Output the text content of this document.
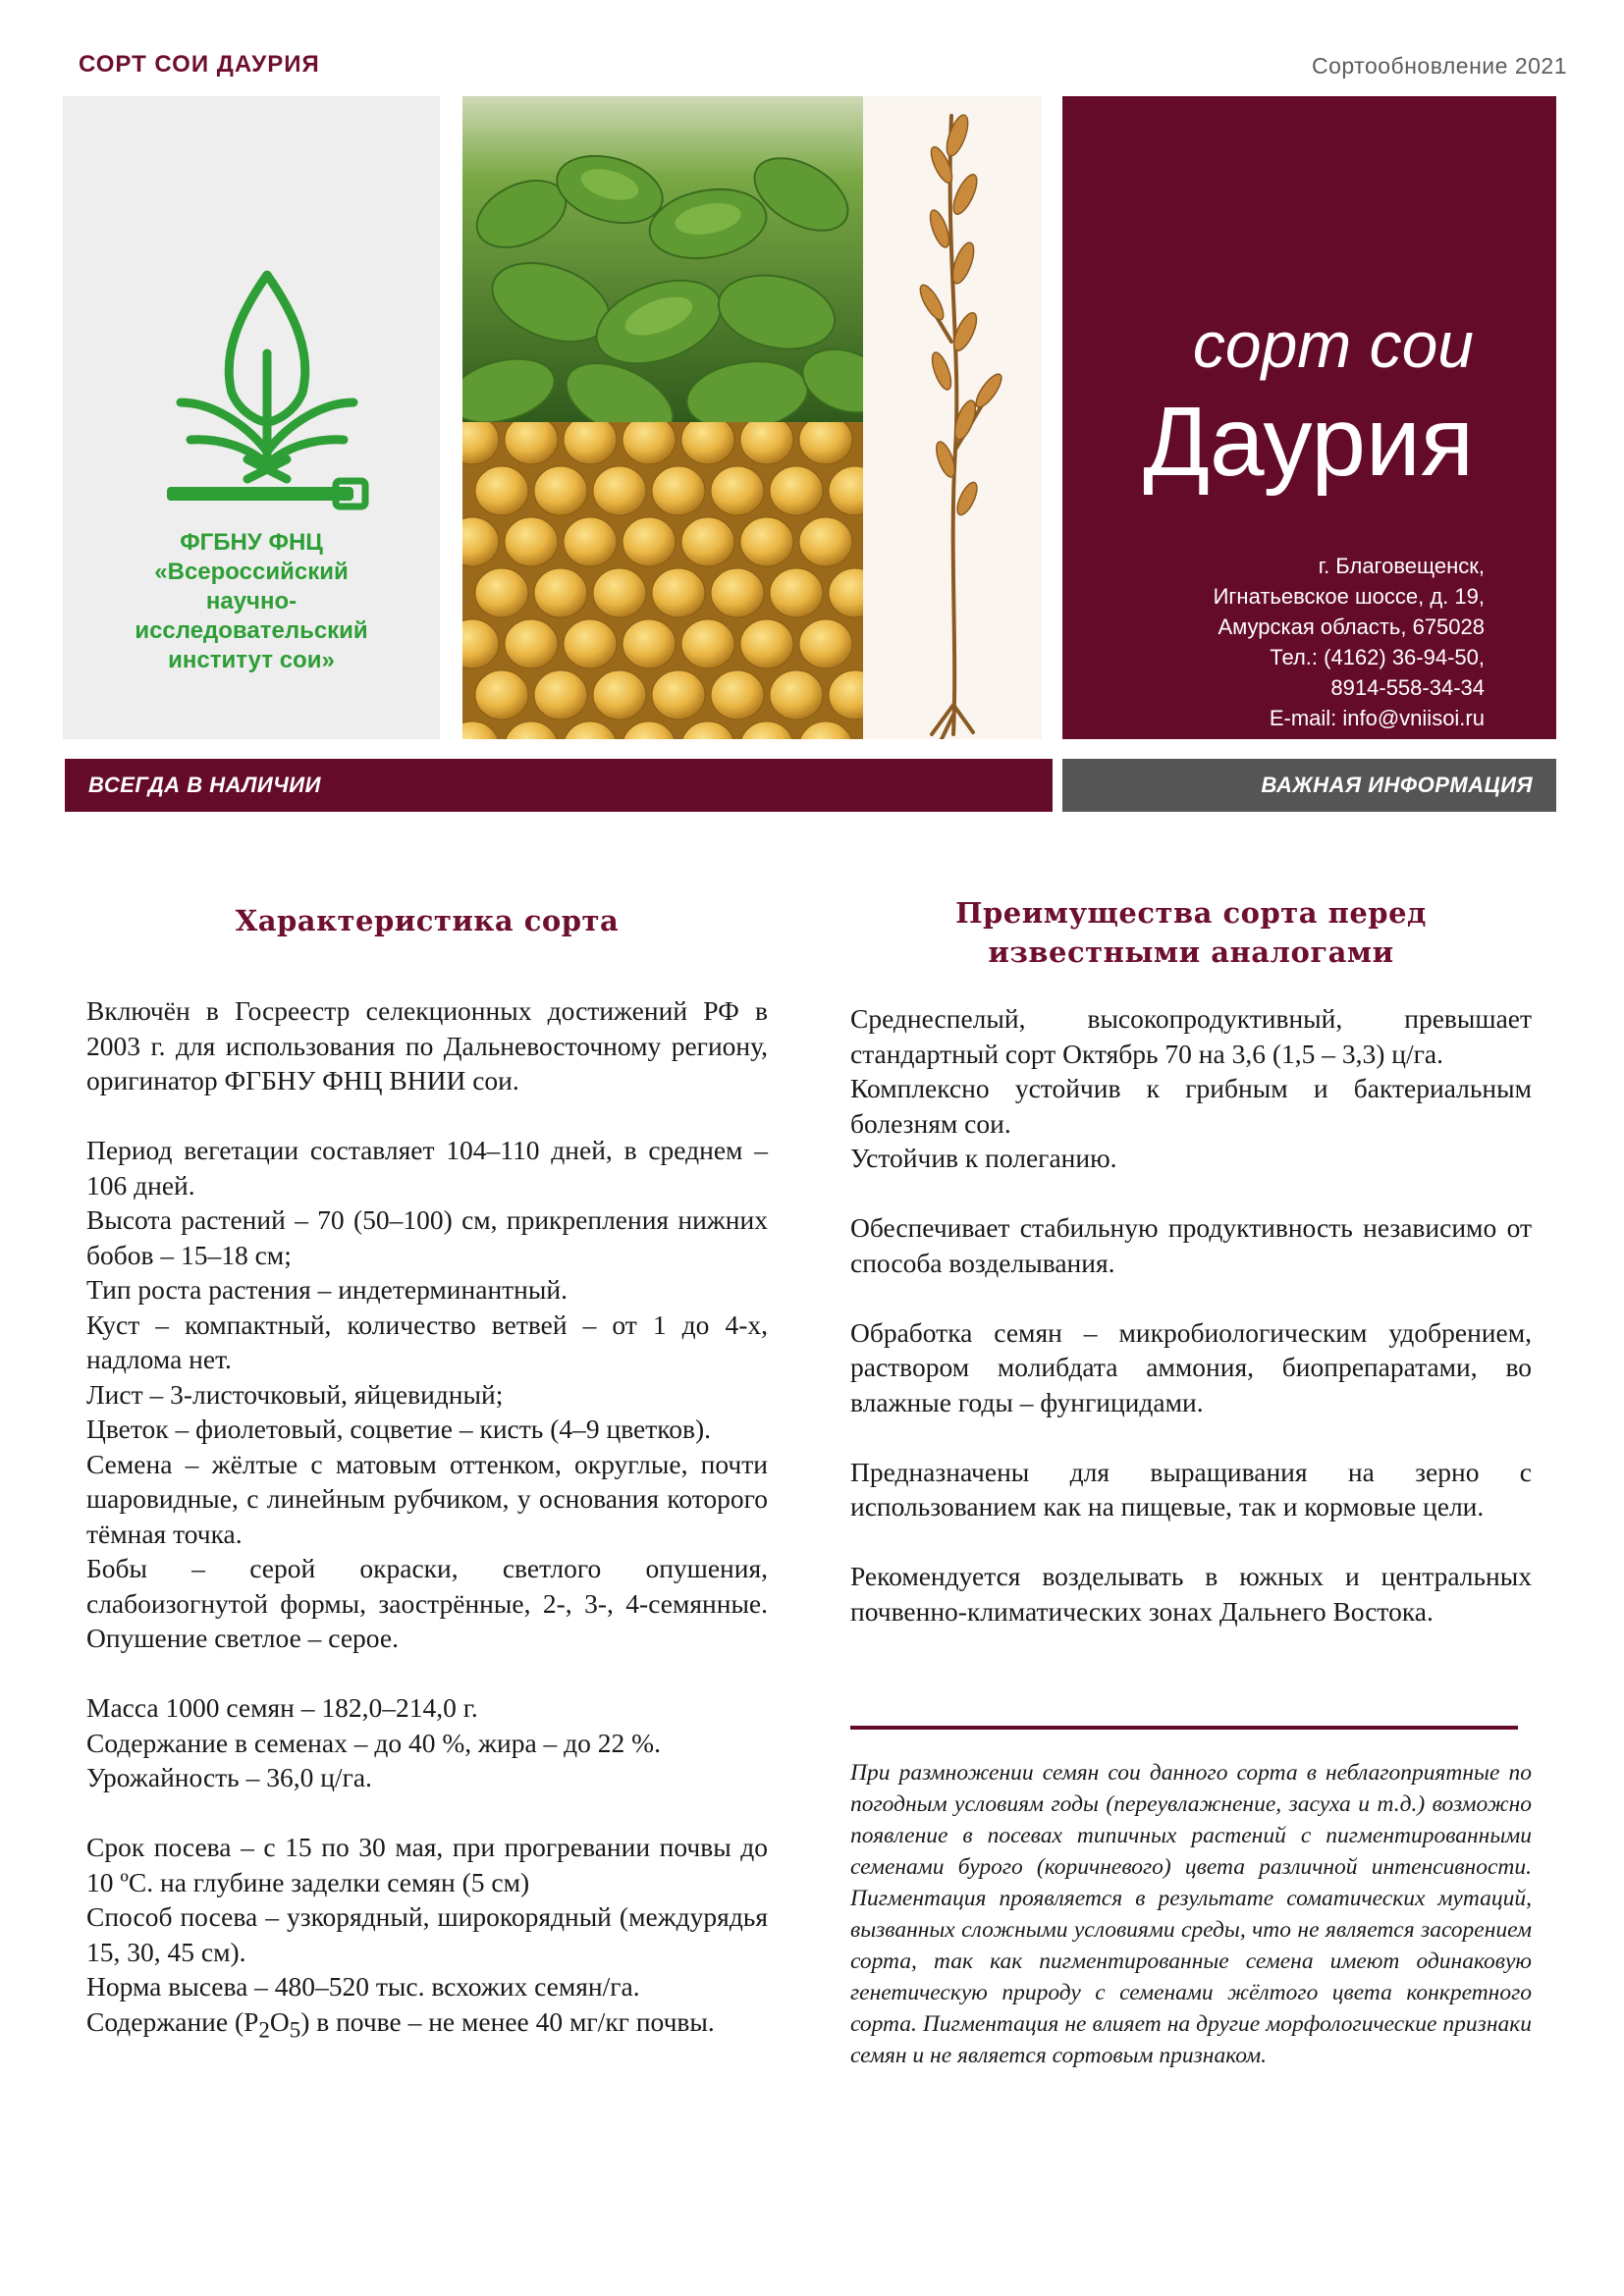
СОРТ СОИ ДАУРИЯ	Сортообновление 2021
ФГБНУ ФНЦ
«Всероссийский
научно-
исследовательский
институт сои»
сорт сои
Даурия
г. Благовещенск,
Игнатьевское шоссе, д. 19,
Амурская область, 675028
Тел.: (4162) 36-94-50,
8914-558-34-34
E-mail: info@vniisoi.ru
ВСЕГДА В НАЛИЧИИ	ВАЖНАЯ ИНФОРМАЦИЯ
Характеристика сорта

Включён в Госреестр селекционных достижений РФ в 2003 г. для использования по Дальневосточному региону, оригинатор ФГБНУ ФНЦ ВНИИ сои.

Период вегетации составляет 104–110 дней, в среднем – 106 дней.

Высота растений – 70 (50–100) см, прикрепления нижних бобов – 15–18 см;

Тип роста растения – индетерминантный.

Куст – компактный, количество ветвей – от 1 до 4-х, надлома нет.

Лист – 3-листочковый, яйцевидный;

Цветок – фиолетовый, соцветие – кисть (4–9 цветков).

Семена – жёлтые с матовым оттенком, округлые, почти шаровидные, с линейным рубчиком, у основания которого тёмная точка.

Бобы – серой окраски, светлого опушения, слабоизогнутой формы, заострённые, 2-, 3-, 4-семянные. Опушение светлое – серое.

Масса 1000 семян – 182,0–214,0 г.

Содержание в семенах – до 40 %, жира – до 22 %.

Урожайность – 36,0 ц/га.

Срок посева – с 15 по 30 мая, при прогревании почвы до 10 ºС. на глубине заделки семян (5 см)

Способ посева – узкорядный, широкорядный (междурядья 15, 30, 45 см).

Норма высева – 480–520 тыс. всхожих семян/га.

Содержание $(P_2O_5)$ в почве – не менее 40 мг/кг почвы.

Преимущества сорта перед
известными аналогами

Среднеспелый, высокопродуктивный, превышает стандартный сорт Октябрь 70 на 3,6 (1,5 – 3,3) ц/га.

Комплексно устойчив к грибным и бактериальным болезням сои.

Устойчив к полеганию.

Обеспечивает стабильную продуктивность независимо от способа возделывания.

Обработка семян – микробиологическим удобрением, раствором молибдата аммония, биопрепаратами, во влажные годы – фунгицидами.

Предназначены для выращивания на зерно с использованием как на пищевые, так и кормовые цели.

Рекомендуется возделывать в южных и центральных почвенно-климатических зонах Дальнего Востока.

При размножении семян сои данного сорта в неблагоприятные по погодным условиям годы (переувлажнение, засуха и т.д.) возможно появление в посевах типичных растений с пигментированными семенами бурого (коричневого) цвета различной интенсивности. Пигментация проявляется в результате соматических мутаций, вызванных сложными условиями среды, что не является засорением сорта, так как пигментированные семена имеют одинаковую генетическую природу с семенами жёлтого цвета конкретного сорта. Пигментация не влияет на другие морфологические признаки семян и не является сортовым признаком.
